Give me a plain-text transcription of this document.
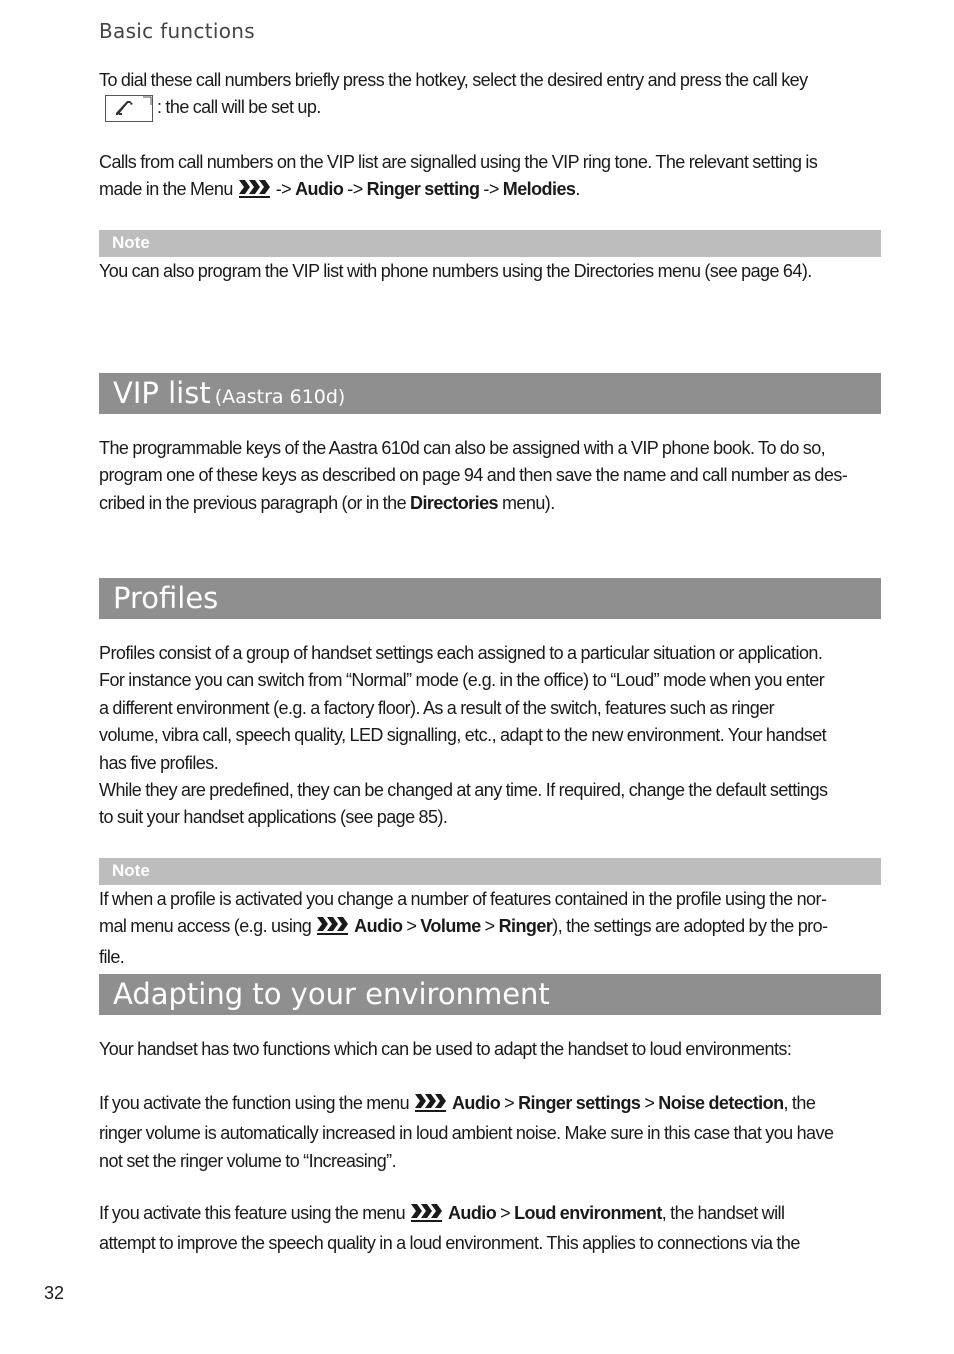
Basic functions
To dial these call numbers briefly press the hotkey, select the desired entry and press the call key
: the call will be set up.
Calls from call numbers on the VIP list are signalled using the VIP ring tone. The relevant setting is
made in the Menu  -> Audio -> Ringer setting -> Melodies.
Note
You can also program the VIP list with phone numbers using the Directories menu (see page 64).
VIP list (Aastra 610d)
The programmable keys of the Aastra 610d can also be assigned with a VIP phone book. To do so,
program one of these keys as described on page 94 and then save the name and call number as des-
cribed in the previous paragraph (or in the Directories menu).
Profiles
Profiles consist of a group of handset settings each assigned to a particular situation or application.
For instance you can switch from “Normal” mode (e.g. in the office) to “Loud” mode when you enter
a different environment (e.g. a factory floor). As a result of the switch, features such as ringer
volume, vibra call, speech quality, LED signalling, etc., adapt to the new environment. Your handset
has five profiles.
While they are predefined, they can be changed at any time. If required, change the default settings
to suit your handset applications (see page 85).
Note
If when a profile is activated you change a number of features contained in the profile using the nor-
mal menu access (e.g. using  Audio > Volume > Ringer), the settings are adopted by the pro-
file.
Adapting to your environment
Your handset has two functions which can be used to adapt the handset to loud environments:
If you activate the function using the menu  Audio > Ringer settings > Noise detection, the
ringer volume is automatically increased in loud ambient noise. Make sure in this case that you have
not set the ringer volume to “Increasing”.
If you activate this feature using the menu  Audio > Loud environment, the handset will
attempt to improve the speech quality in a loud environment. This applies to connections via the
32
